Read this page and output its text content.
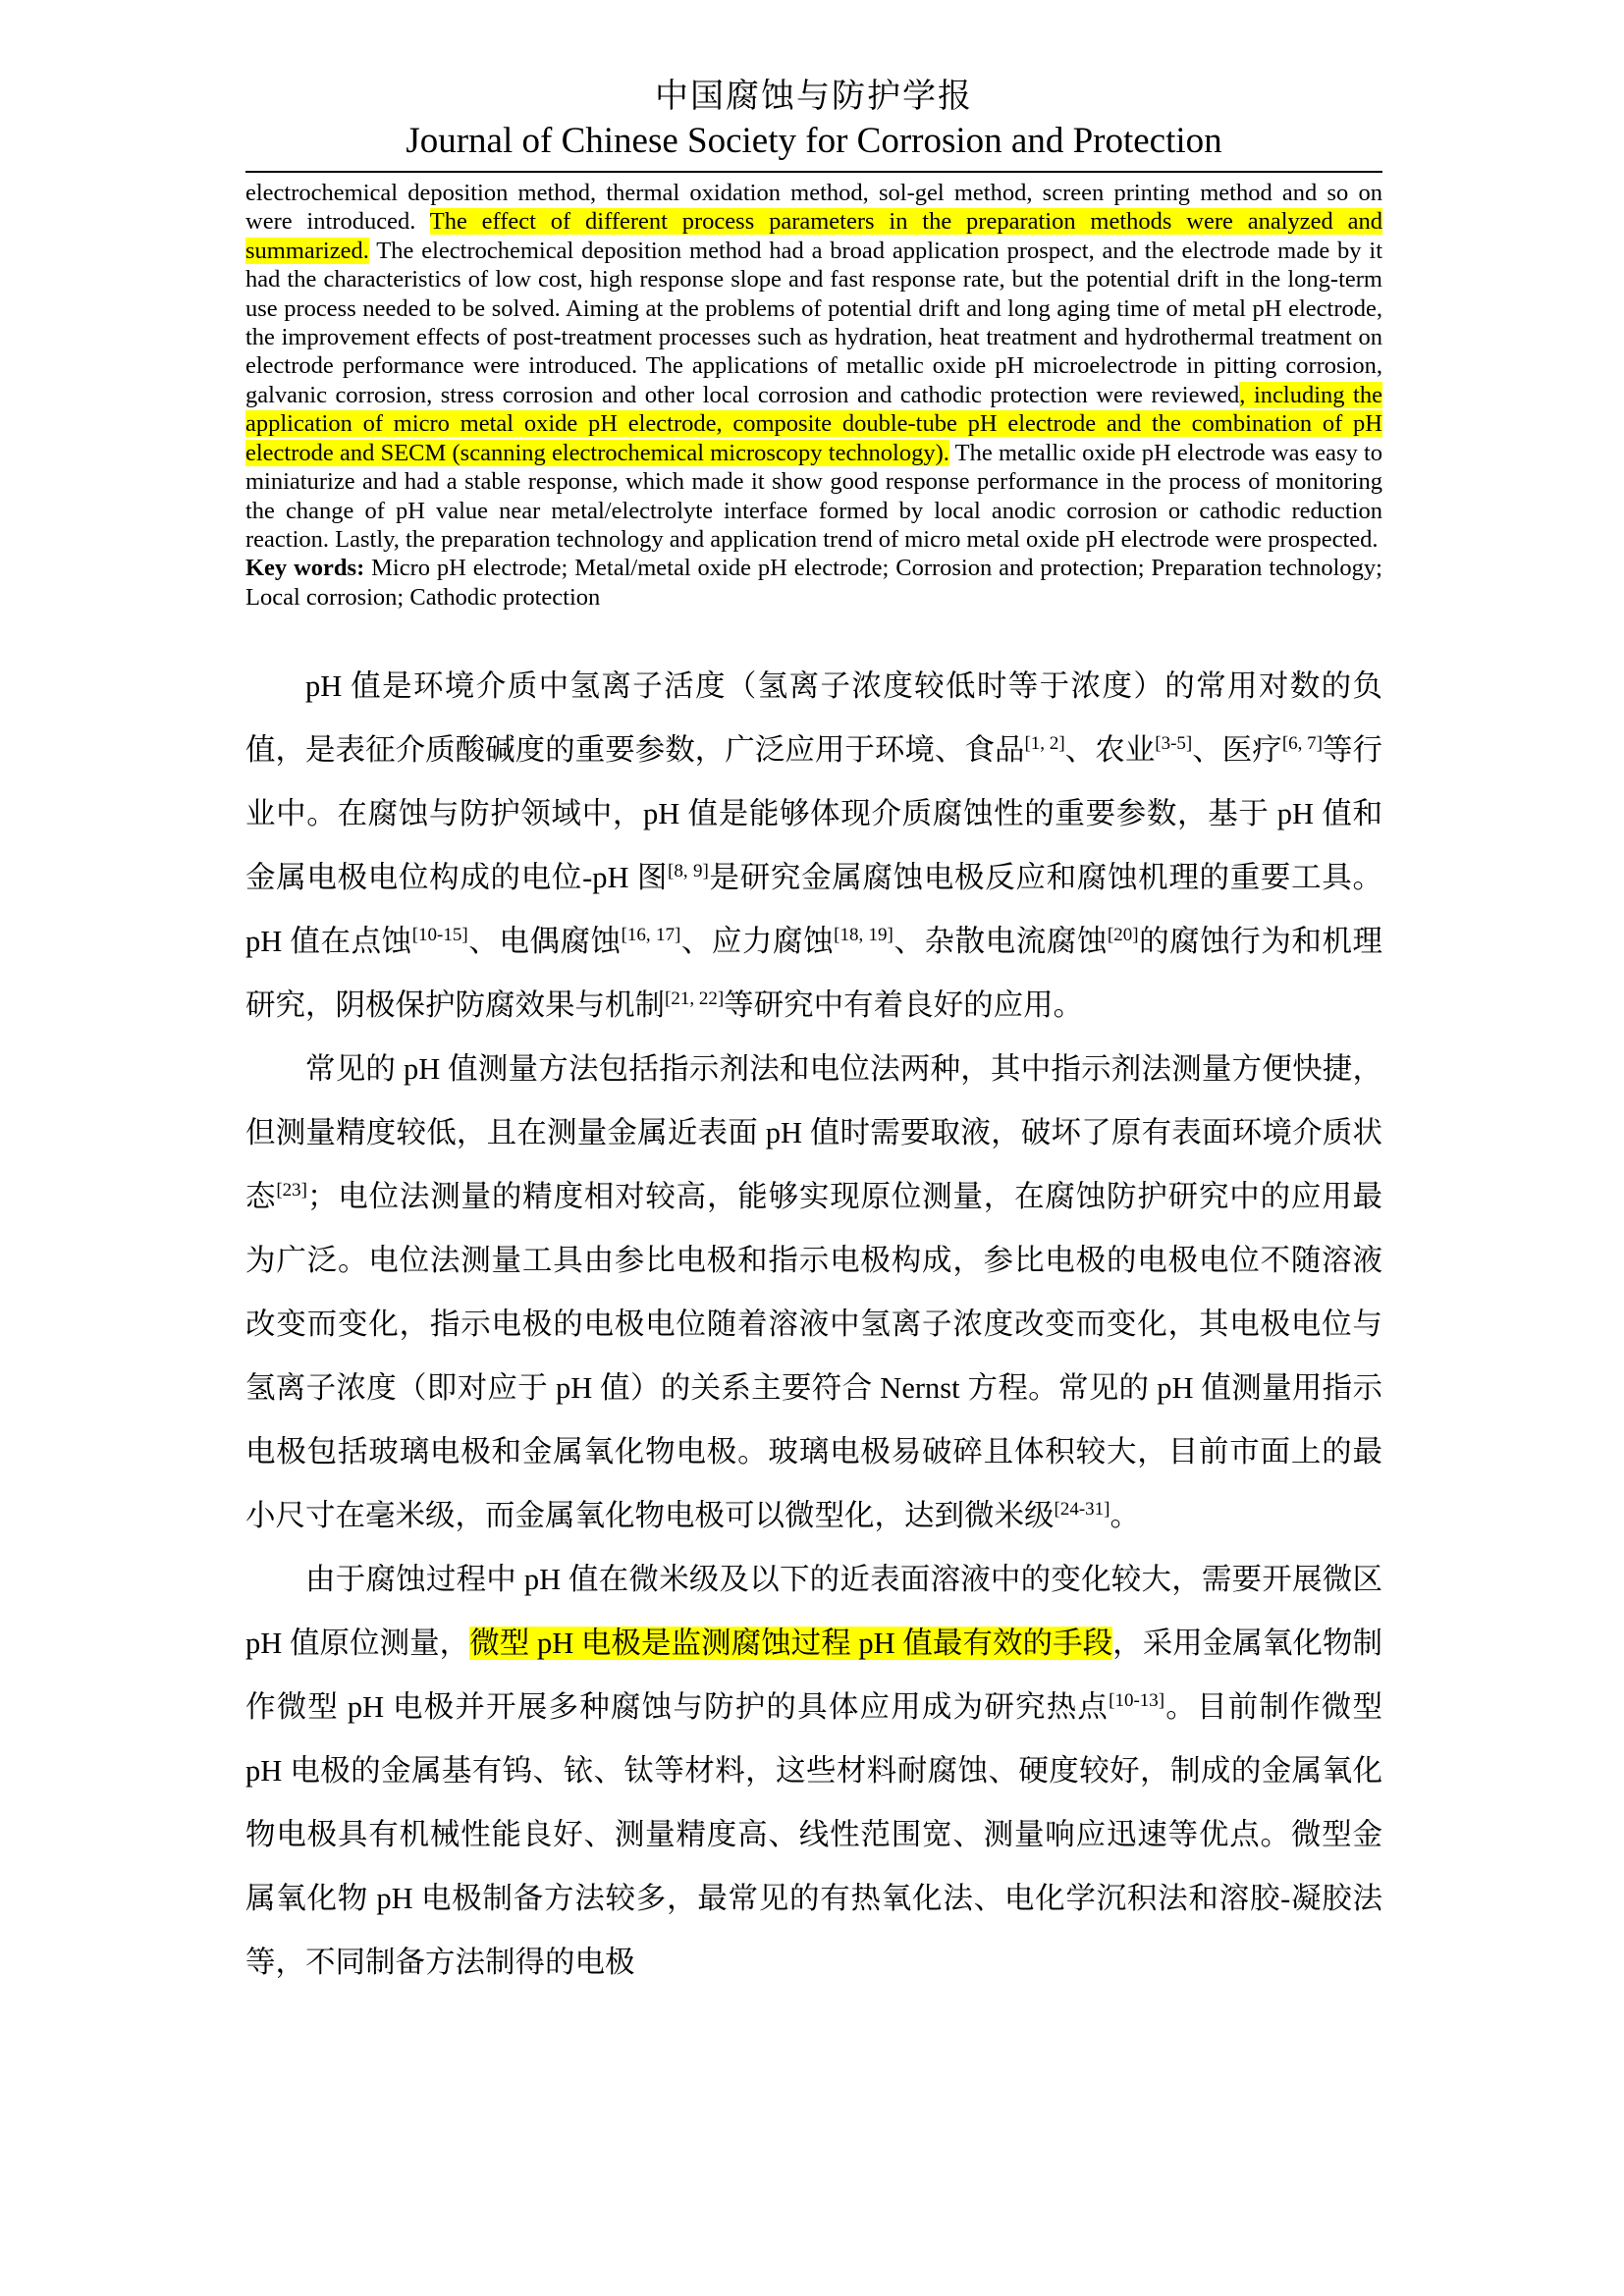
中国腐蚀与防护学报
Journal of Chinese Society for Corrosion and Protection

electrochemical deposition method, thermal oxidation method, sol-gel method, screen printing method and so on were introduced. The effect of different process parameters in the preparation methods were analyzed and summarized. The electrochemical deposition method had a broad application prospect, and the electrode made by it had the characteristics of low cost, high response slope and fast response rate, but the potential drift in the long-term use process needed to be solved. Aiming at the problems of potential drift and long aging time of metal pH electrode, the improvement effects of post-treatment processes such as hydration, heat treatment and hydrothermal treatment on electrode performance were introduced. The applications of metallic oxide pH microelectrode in pitting corrosion, galvanic corrosion, stress corrosion and other local corrosion and cathodic protection were reviewed, including the application of micro metal oxide pH electrode, composite double-tube pH electrode and the combination of pH electrode and SECM (scanning electrochemical microscopy technology). The metallic oxide pH electrode was easy to miniaturize and had a stable response, which made it show good response performance in the process of monitoring the change of pH value near metal/electrolyte interface formed by local anodic corrosion or cathodic reduction reaction. Lastly, the preparation technology and application trend of micro metal oxide pH electrode were prospected.

Key words: Micro pH electrode; Metal/metal oxide pH electrode; Corrosion and protection; Preparation technology; Local corrosion; Cathodic protection

pH 值是环境介质中氢离子活度（氢离子浓度较低时等于浓度）的常用对数的负值，是表征介质酸碱度的重要参数，广泛应用于环境、食品[1, 2]、农业[3-5]、医疗[6, 7]等行业中。在腐蚀与防护领域中，pH 值是能够体现介质腐蚀性的重要参数，基于 pH 值和金属电极电位构成的电位-pH 图[8, 9]是研究金属腐蚀电极反应和腐蚀机理的重要工具。pH 值在点蚀[10-15]、电偶腐蚀[16, 17]、应力腐蚀[18, 19]、杂散电流腐蚀[20]的腐蚀行为和机理研究，阴极保护防腐效果与机制[21, 22]等研究中有着良好的应用。

常见的 pH 值测量方法包括指示剂法和电位法两种，其中指示剂法测量方便快捷，但测量精度较低，且在测量金属近表面 pH 值时需要取液，破坏了原有表面环境介质状态[23]；电位法测量的精度相对较高，能够实现原位测量，在腐蚀防护研究中的应用最为广泛。电位法测量工具由参比电极和指示电极构成，参比电极的电极电位不随溶液改变而变化，指示电极的电极电位随着溶液中氢离子浓度改变而变化，其电极电位与氢离子浓度（即对应于 pH 值）的关系主要符合 Nernst 方程。常见的 pH 值测量用指示电极包括玻璃电极和金属氧化物电极。玻璃电极易破碎且体积较大，目前市面上的最小尺寸在毫米级，而金属氧化物电极可以微型化，达到微米级[24-31]。

由于腐蚀过程中 pH 值在微米级及以下的近表面溶液中的变化较大，需要开展微区 pH 值原位测量，微型 pH 电极是监测腐蚀过程 pH 值最有效的手段，采用金属氧化物制作微型 pH 电极并开展多种腐蚀与防护的具体应用成为研究热点[10-13]。目前制作微型 pH 电极的金属基有钨、铱、钛等材料，这些材料耐腐蚀、硬度较好，制成的金属氧化物电极具有机械性能良好、测量精度高、线性范围宽、测量响应迅速等优点。微型金属氧化物 pH 电极制备方法较多，最常见的有热氧化法、电化学沉积法和溶胶-凝胶法等，不同制备方法制得的电极
